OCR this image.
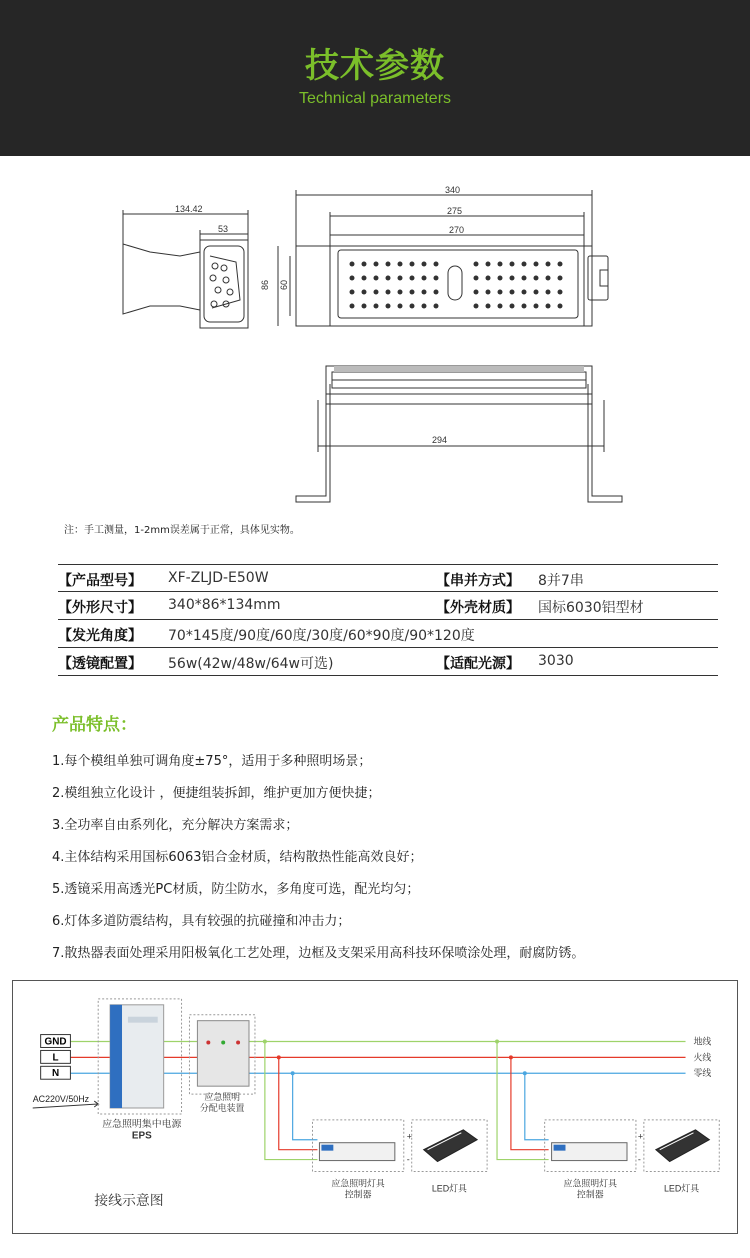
技术参数
Technical parameters
134.42
53
340
275
270
86 60
294
注：手工测量，1-2mm误差属于正常，具体见实物。
【产品型号】 XF-ZLJD-E50W	【串并方式】 8并7串
【外形尺寸】 340*86*134mm	【外壳材质】 国标6030铝型材
【发光角度】 70*145度/90度/60度/30度/60*90度/90*120度
【透镜配置】 56w(42w/48w/64w可选)	【适配光源】 3030
产品特点：
1.每个模组单独可调角度±75°，适用于多种照明场景；
2.模组独立化设计 ，便捷组装拆卸，维护更加方便快捷；
3.全功率自由系列化，充分解决方案需求；
4.主体结构采用国标6063铝合金材质，结构散热性能高效良好；
5.透镜采用高透光PC材质，防尘防水，多角度可选，配光均匀；
6.灯体多道防震结构，具有较强的抗碰撞和冲击力；
7.散热器表面处理采用阳极氧化工艺处理，边框及支架采用高科技环保喷涂处理，耐腐防锈。
GND
L
N
AC220V/50Hz
应急照明集中电源
EPS
应急照明
分配电装置
地线
火线
零线
应急照明灯具
控制器
+
-
LED灯具	应急照明灯具
控制器
+
-
LED灯具
接线示意图
